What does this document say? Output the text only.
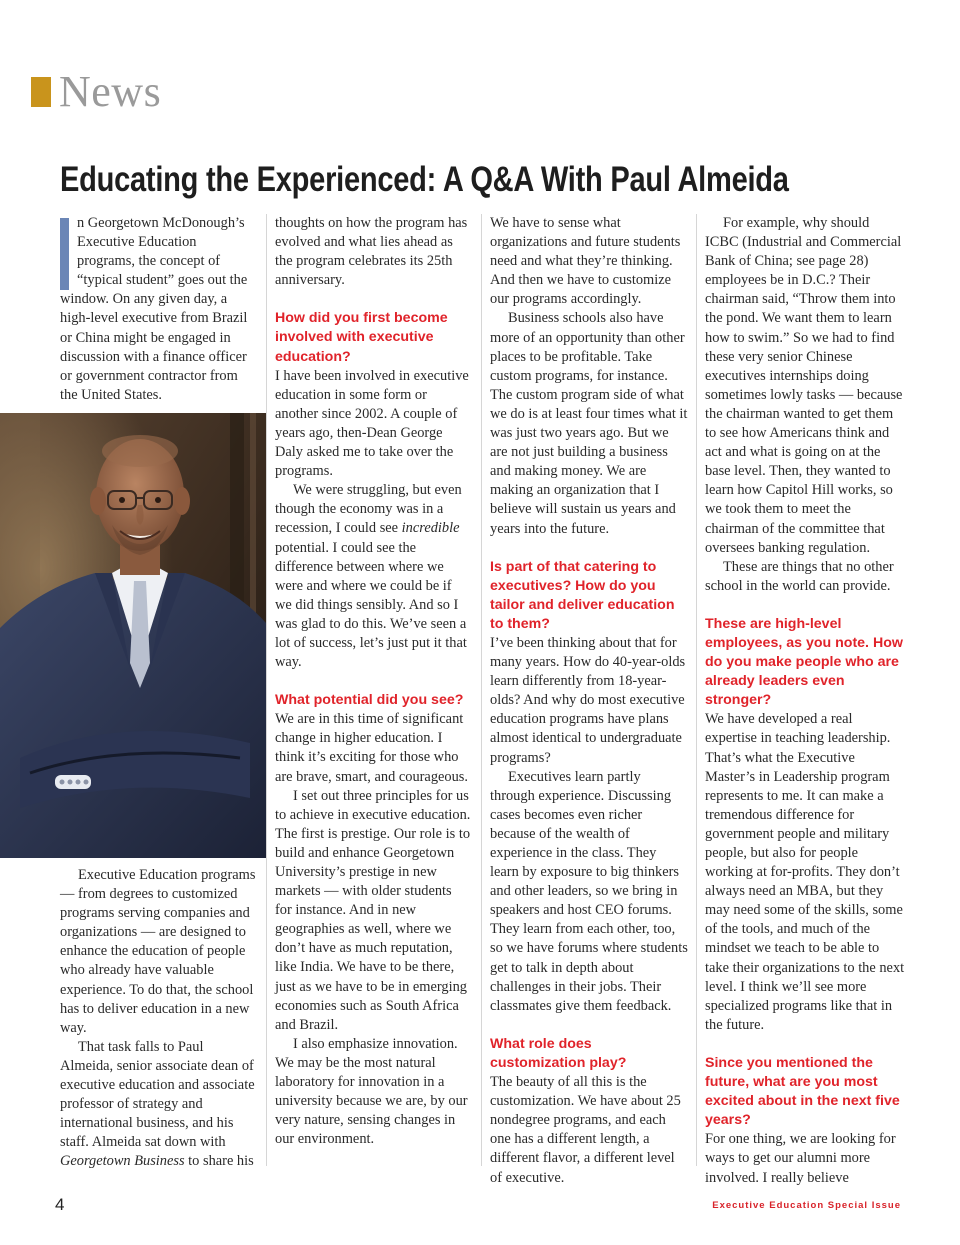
News
Educating the Experienced: A Q&A With Paul Almeida

n Georgetown McDonough’s Executive Education programs, the concept of “typical student” goes out the window. On any given day, a high-level executive from Brazil or China might be engaged in discussion with a finance officer or government contractor from the United States.

Executive Education programs — from degrees to customized programs serving companies and organizations — are designed to enhance the education of people who already have valuable experience. To do that, the school has to deliver education in a new way.

That task falls to Paul Almeida, senior associate dean of executive education and associate professor of strategy and international business, and his staff. Almeida sat down with Georgetown Business to share his

thoughts on how the program has evolved and what lies ahead as the program celebrates its 25th anniversary.

How did you first become involved with executive education?

I have been involved in executive education in some form or another since 2002. A couple of years ago, then-Dean George Daly asked me to take over the programs.

We were struggling, but even though the economy was in a recession, I could see incredible potential. I could see the difference between where we were and where we could be if we did things sensibly. And so I was glad to do this. We’ve seen a lot of success, let’s just put it that way.

What potential did you see?

We are in this time of significant change in higher education. I think it’s exciting for those who are brave, smart, and courageous.

I set out three principles for us to achieve in executive education. The first is prestige. Our role is to build and enhance Georgetown University’s prestige in new markets — with older students for instance. And in new geographies as well, where we don’t have as much reputation, like India. We have to be there, just as we have to be in emerging economies such as South Africa and Brazil.

I also emphasize innovation. We may be the most natural laboratory for innovation in a university because we are, by our very nature, sensing changes in our environment.

We have to sense what organizations and future students need and what they’re thinking. And then we have to customize our programs accordingly.

Business schools also have more of an opportunity than other places to be profitable. Take custom programs, for instance. The custom program side of what we do is at least four times what it was just two years ago. But we are not just building a business and making money. We are making an organization that I believe will sustain us years and years into the future.

Is part of that catering to executives? How do you tailor and deliver education to them?

I’ve been thinking about that for many years. How do 40-year-olds learn differently from 18-year-olds? And why do most executive education programs have plans almost identical to undergraduate programs?

Executives learn partly through experience. Discussing cases becomes even richer because of the wealth of experience in the class. They learn by exposure to big thinkers and other leaders, so we bring in speakers and host CEO forums. They learn from each other, too, so we have forums where students get to talk in depth about challenges in their jobs. Their classmates give them feedback.

What role does customization play?

The beauty of all this is the customization. We have about 25 nondegree programs, and each one has a different length, a different flavor, a different level of executive.

For example, why should ICBC (Industrial and Commercial Bank of China; see page 28) employees be in D.C.? Their chairman said, “Throw them into the pond. We want them to learn how to swim.” So we had to find these very senior Chinese executives internships doing sometimes lowly tasks — because the chairman wanted to get them to see how Americans think and act and what is going on at the base level. Then, they wanted to learn how Capitol Hill works, so we took them to meet the chairman of the committee that oversees banking regulation.

These are things that no other school in the world can provide.

These are high-level employees, as you note. How do you make people who are already leaders even stronger?

We have developed a real expertise in teaching leadership. That’s what the Executive Master’s in Leadership program represents to me. It can make a tremendous difference for government people and military people, but also for people working at for-profits. They don’t always need an MBA, but they may need some of the skills, some of the tools, and much of the mindset we teach to be able to take their organizations to the next level. I think we’ll see more specialized programs like that in the future.

Since you mentioned the future, what are you most excited about in the next five years?

For one thing, we are looking for ways to get our alumni more involved. I really believe

4	Executive Education Special Issue
